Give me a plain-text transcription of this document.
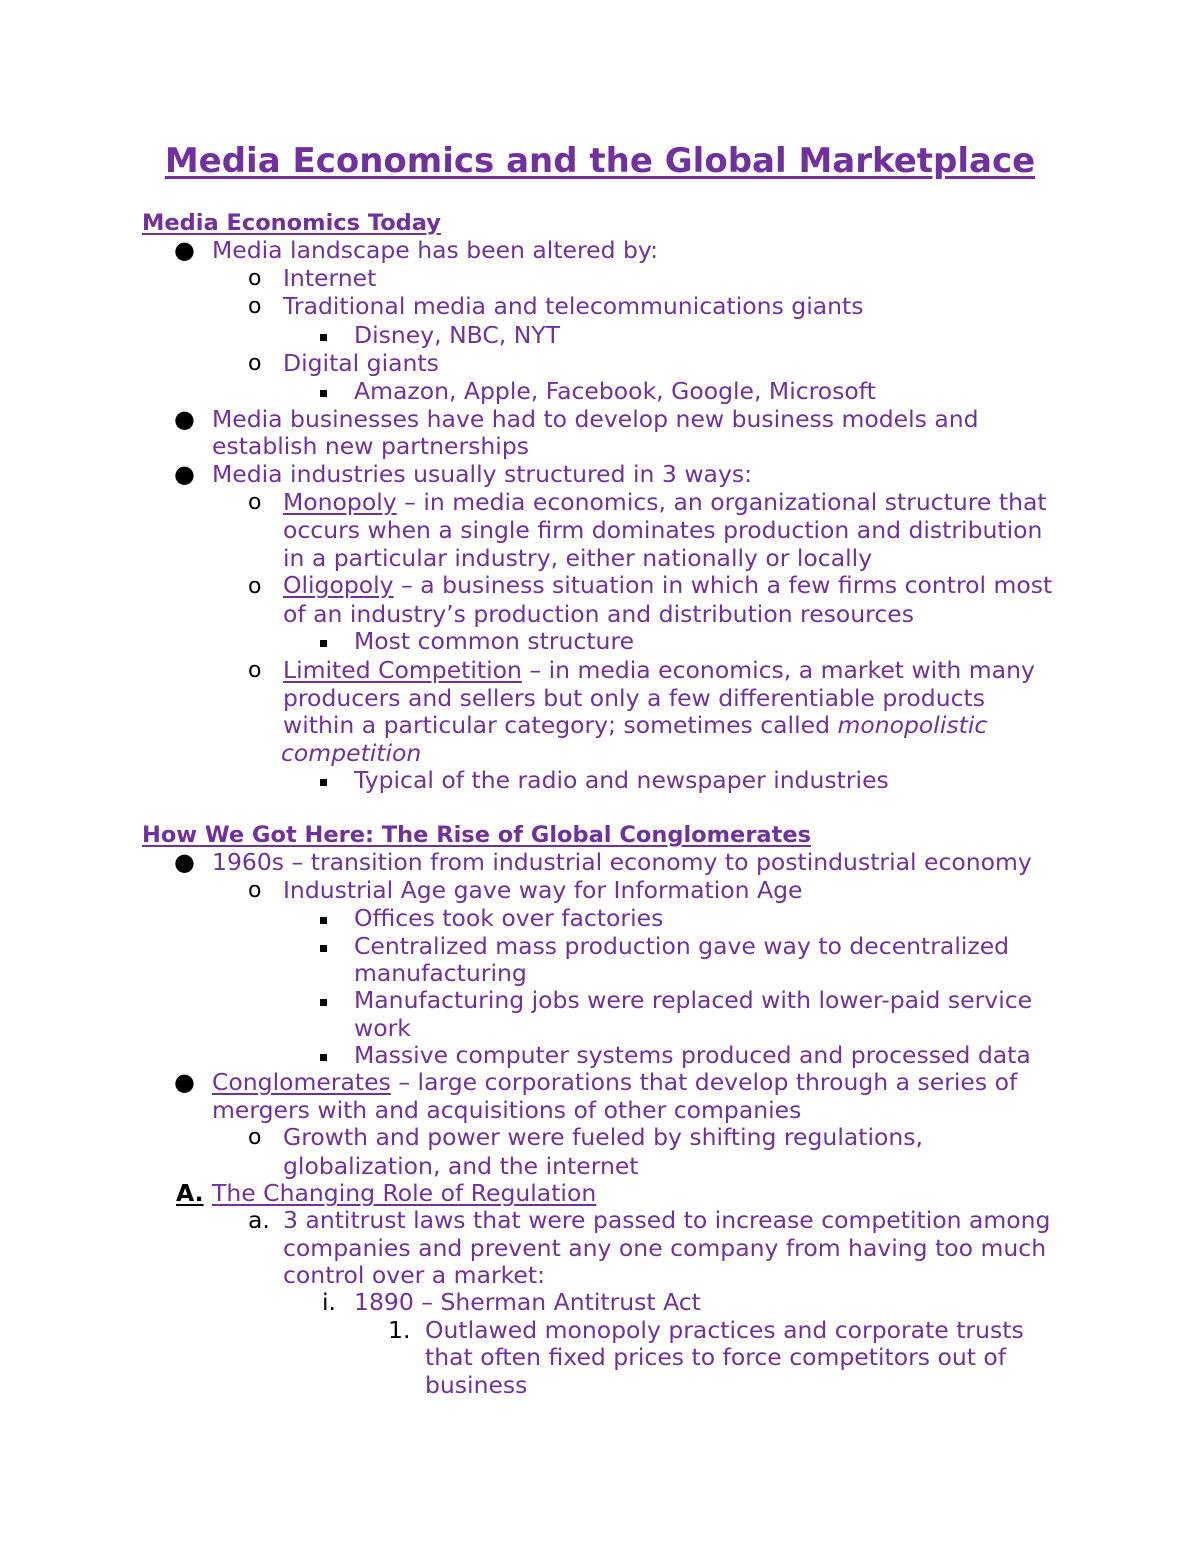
Media Economics and the Global Marketplace
Media Economics Today
● Media landscape has been altered by:
o Internet
o Traditional media and telecommunications giants
Disney, NBC, NYT
o Digital giants
Amazon, Apple, Facebook, Google, Microsoft
● Media businesses have had to develop new business models and
establish new partnerships
● Media industries usually structured in 3 ways:
o Monopoly – in media economics, an organizational structure that
occurs when a single firm dominates production and distribution
in a particular industry, either nationally or locally
o Oligopoly – a business situation in which a few firms control most
of an industry’s production and distribution resources
Most common structure
o Limited Competition – in media economics, a market with many
producers and sellers but only a few differentiable products
within a particular category; sometimes called monopolistic
competition
Typical of the radio and newspaper industries
How We Got Here: The Rise of Global Conglomerates
● 1960s – transition from industrial economy to postindustrial economy
o Industrial Age gave way for Information Age
Offices took over factories
Centralized mass production gave way to decentralized
manufacturing
Manufacturing jobs were replaced with lower-paid service
work
Massive computer systems produced and processed data
● Conglomerates – large corporations that develop through a series of
mergers with and acquisitions of other companies
o Growth and power were fueled by shifting regulations,
globalization, and the internet
A. The Changing Role of Regulation
a. 3 antitrust laws that were passed to increase competition among
companies and prevent any one company from having too much
control over a market:
i. 1890 – Sherman Antitrust Act
1. Outlawed monopoly practices and corporate trusts
that often fixed prices to force competitors out of
business
